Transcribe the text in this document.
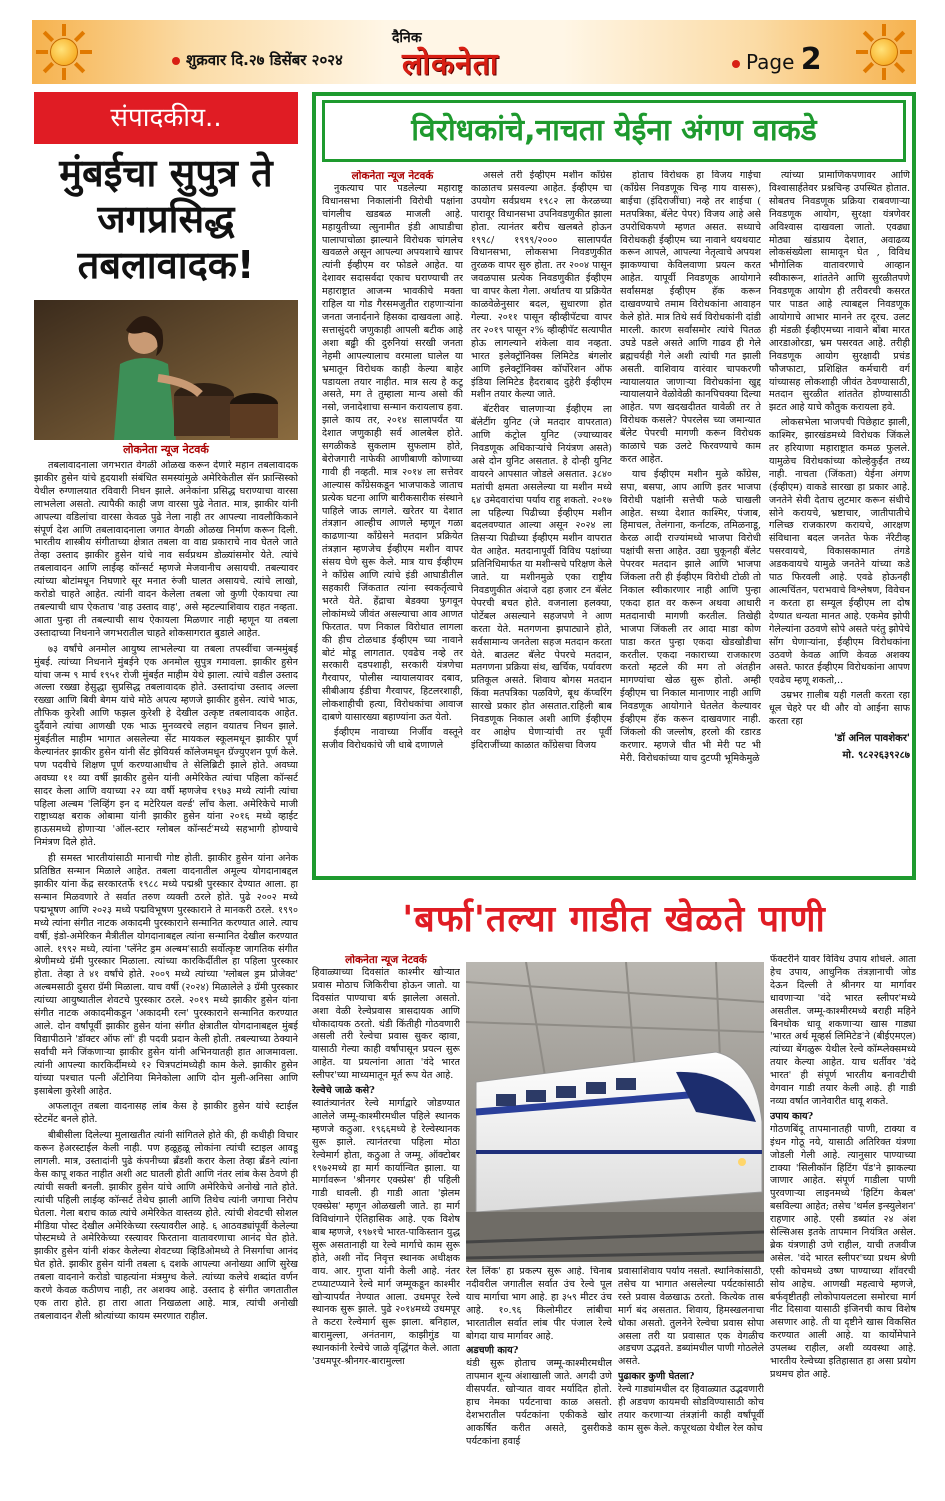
शुक्रवार दि.२७ डिसेंबर २०२४
दैनिक
लोकनेता	Page 2
संपादकीय..
मुंबईचा सुपुत्र ते जगप्रसिद्ध तबलावादक!
लोकनेता न्यूज नेटवर्क

तबलावादनाला जगभरात वेगळी ओळख करून देणारे महान तबलावादक झाकीर हुसेन यांचे हृदयाशी संबंधित समस्यांमुळे अमेरिकेतील सॅन फ्रान्सिस्को येथील रुग्णालयात रविवारी निधन झाले. अनेकांना प्रसिद्ध घराण्याचा वारसा लाभलेला असतो. त्यापैकी काही जण वारसा पुढे नेतात. मात्र, झाकीर यांनी आपल्या वडिलांचा वारसा केवळ पुढे नेला नाही तर आपल्या नावलौकिकाने संपूर्ण देश आणि तबलावादनाला जगात वेगळी ओळख निर्माण करून दिली. भारतीय शास्त्रीय संगीताच्या क्षेत्रात तबला वा वाद्य प्रकाराचे नाव घेतले जाते तेव्हा उस्ताद झाकीर हुसेन यांचे नाव सर्वप्रथम डोळ्यांसमोर येते. त्यांचे तबलावादन आणि लाईव्ह कॉन्सर्ट म्हणजे मेजवानीच असायची. तबल्यावर त्यांच्या बोटांमधून निघणारे सूर मनात रुंजी घालत असायचे. त्यांचे लाखो, करोडो चाहते आहेत. त्यांनी वादन केलेला तबला जो कुणी ऐकायचा त्या तबल्याची धाप ऐकताच 'वाह उस्ताद वाह', असे म्हटल्याशिवाय राहत नव्हता. आता पुन्हा ती तबल्याची साथ ऐकायला मिळणार नाही म्हणून या तबला उस्तादाच्या निधनाने जगभरातील चाहते शोकसागरात बुडाले आहेत.

७३ वर्षांचे अनमोल आयुष्य लाभलेल्या या तबला तपस्वींचा जन्ममुंबई मुंबई. त्यांच्या निधनाने मुंबईने एक अनमोल सुपुत्र गमावला. झाकीर हुसेन यांचा जन्म ९ मार्च १९५१ रोजी मुंबईत माहीम येथे झाला. त्यांचे वडील उस्ताद अल्ला रख्खा हेसुद्धा सुप्रसिद्ध तबलावादक होते. उस्तादांचा उस्ताद अल्ला रख्खा आणि बिवी बेगम यांचे मोठे अपत्य म्हणजे झाकीर हुसेन. त्यांचे भाऊ, तौफिक कुरेशी आणि फझल कुरेशी हे देखील उत्कृष्ट तबलावादक आहेत. दुर्दैवाने त्यांचा आणखी एक भाऊ मुनव्वरचे लहान वयातच निधन झाले. मुंबईतील माहीम भागात असलेल्या सेंट मायकल स्कूलमधून झाकीर पूर्ण केल्यानंतर झाकीर हुसेन यांनी सेंट झेवियर्स कॉलेजमधून ग्रॅज्युएशन पूर्ण केले. पण पदवीचे शिक्षण पूर्ण करण्याआधीच ते सेलिब्रिटी झाले होते. अवघ्या अवघ्या ११ व्या वर्षी झाकीर हुसेन यांनी अमेरिकेत त्यांचा पहिला कॉन्सर्ट सादर केला आणि वयाच्या २२ व्या वर्षी म्हणजेच १९७३ मध्ये त्यांनी त्यांचा पहिला अल्बम 'लिव्हिंग इन द मटेरियल वर्ल्ड' लॉंच केला. अमेरिकेचे माजी राष्ट्राध्यक्ष बराक ओबामा यांनी झाकीर हुसेन यांना २०१६ मध्ये व्हाईट हाऊसमध्ये होणाऱ्या 'ऑल-स्टार ग्लोबल कॉन्सर्ट'मध्ये सहभागी होण्याचे निमंत्रण दिले होते.

ही समस्त भारतीयांसाठी मानाची गोष्ट होती. झाकीर हुसेन यांना अनेक प्रतिष्ठित सन्मान मिळाले आहेत. तबला वादनातील अमूल्य योगदानाबद्दल झाकीर यांना केंद्र सरकारतर्फे १९८८ मध्ये पद्मश्री पुरस्कार देण्यात आला. हा सन्मान मिळवणारे ते सर्वात तरुण व्यक्ती ठरले होते. पुढे २००२ मध्ये पद्मभूषण आणि २०२३ मध्ये पद्मविभूषण पुरस्काराने ते मानकरी ठरले. १९९० मध्ये त्यांना संगीत नाटक अकादमी पुरस्काराने सन्मानित करण्यात आले. त्याच वर्षी, इंडो-अमेरिकन मैत्रीतील योगदानाबद्दल त्यांना सन्मानित देखील करण्यात आले. १९९२ मध्ये, त्यांना 'प्लॅनेट ड्रम अल्बम'साठी सर्वोत्कृष्ट जागतिक संगीत श्रेणीमध्ये ग्रॅमी पुरस्कार मिळाला. त्यांच्या कारकिर्दीतील हा पहिला पुरस्कार होता. तेव्हा ते ४१ वर्षांचे होते. २००९ मध्ये त्यांच्या 'ग्लोबल ड्रम प्रोजेक्ट' अल्बमसाठी दुसरा ग्रॅमी मिळाला. याच वर्षी (२०२४) मिळालेले ३ ग्रॅमी पुरस्कार त्यांच्या आयुष्यातील शेवटचे पुरस्कार ठरले. २०१९ मध्ये झाकीर हुसेन यांना संगीत नाटक अकादमीकडून 'अकादमी रत्न' पुरस्काराने सन्मानित करण्यात आले. दोन वर्षांपूर्वी झाकीर हुसेन यांना संगीत क्षेत्रातील योगदानाबद्दल मुंबई विद्यापीठाने 'डॉक्टर ऑफ लॉ' ही पदवी प्रदान केली होती. तबल्याच्या ठेक्याने सर्वांची मने जिंकणाऱ्या झाकीर हुसेन यांनी अभिनयातही हात आजमावला. त्यांनी आपल्या कारकिर्दीमध्ये १२ चित्रपटांमध्येही काम केले. झाकीर हुसेन यांच्या पश्चात पत्नी अँटोनिया मिनेकोला आणि दोन मुली-अनिसा आणि इसाबेला कुरेशी आहेत.

अफलातून तबला वादनासह लांब केस हे झाकीर हुसेन यांचे स्टाईल स्टेटमेंट बनले होते.

बीबीसीला दिलेल्या मुलाखतीत त्यांनी सांगितले होते की, ही कधीही विचार करून हेअरस्टाईल केली नाही. पण हळूहळू लोकांना त्यांची स्टाइल आवडू लागली. मात्र, उस्तादांनी पुढे कंपनीच्या ब्रॅंडशी करार केला तेव्हा ब्रॅंडने त्यांना केस कापू शकत नाहीत अशी अट घातली होती आणि नंतर लांब केस ठेवणे ही त्यांची सक्ती बनली. झाकीर हुसेन यांचे आणि अमेरिकेचे अनोखे नाते होते. त्यांची पहिली लाईव्ह कॉन्सर्ट तेथेच झाली आणि तिथेच त्यांनी जगाचा निरोप घेतला. गेला बराच काळ त्यांचे अमेरिकेत वास्तव्य होते. त्यांची शेवटची सोशल मीडिया पोस्ट देखील अमेरिकेच्या रस्त्यावरील आहे. ६ आठवड्यांपूर्वी केलेल्या पोस्टमध्ये ते अमेरिकेच्या रस्त्यावर फिरताना वातावरणाचा आनंद घेत होते. झाकीर हुसेन यांनी शंकर केलेल्या शेवटच्या व्हिडिओमध्ये ते निसर्गाचा आनंद घेत होते. झाकीर हुसेन यांनी तबला ६ दशके आपल्या अनोख्या आणि सुरेख तबला वादनाने करोडो चाहत्यांना मंत्रमुग्ध केले. त्यांच्या कलेचे शब्दांत वर्णन करणे केवळ कठीणच नाही, तर अशक्य आहे. उस्ताद हे संगीत जगतातील एक तारा होते. हा तारा आता निखळला आहे. मात्र, त्यांची अनोखी तबलावादन शैली श्रोत्यांच्या कायम स्मरणात राहील.

विरोधकांचे,नाचता येईना अंगण वाकडे
लोकनेता न्यूज नेटवर्क

नुकत्याच पार पडलेल्या महाराष्ट्र विधानसभा निकालांनी विरोधी पक्षांना चांगलीच खडबळ माजली आहे. महायुतीच्या त्सुनामीत इंडी आघाडीचा पालापाचोळा झाल्याने विरोधक चांगलेच खवळले असून आपल्या अपयशाचे खापर त्यांनी ईव्हीएम वर फोडले आहेत. या देशावर सदासर्वदा एकाच घराण्याची तर महाराष्ट्रात आजन्म भावकीचे मक्ता राहिल या गोड गैरसमजुतीत राहणाऱ्यांना जनता जनार्दनाने हिसका दाखवला आहे. सत्तासुंदरी जणुकाही आपली बटीक आहे अशा बढ्ढी की दुरुनियां सरखी जनता नेहमी आपल्यालाच वरमाला घालेल या भ्रमातून विरोधक काही केल्या बाहेर पडायला तयार नाहीत. मात्र सत्य हे कटू असते, मग ते तुम्हाला मान्य असो की नसो, जनादेशाचा सन्मान करायलाच हवा. झाले काय तर, २०१४ सालापर्यंत या देशात जणुकाही सर्व आलबेल होते. सगळीकडे सुकलाम सुफलाम होते, बेरोजगारी नाफेकी आणीबाणी कोणाच्या गावी ही नव्हती. मात्र २०१४ ला सत्तेवर आल्यास काँग्रेसकडून भाजपाकडे जाताच प्रत्येक घटना आणि बारीकसारीक संस्थाने पाहिले जाऊ लागले. खरेतर या देशात तंत्रज्ञान आल्हीच आणले म्हणून गळा काढणाऱ्या काँग्रेसने मतदान प्रक्रियेत तंत्रज्ञान म्हणजेच ईव्हीएम मशीन वापर संसय घेणे सुरू केले. मात्र याच ईव्हीएम ने काँग्रेस आणि त्यांचे इंडी आघाडीतील सहकारी जिंकतात त्यांना स्वकर्तृत्वाचे भरते येते. हेंद्राचा बेडक्या फुगवून लोकांमध्ये जीवंत असल्याचा आव आणत फिरतात. पण निकाल विरोधात लागला की हीच टोळधाड ईव्हीएम च्या नावाने बोटं मोडू लागतात. एवढेच नव्हे तर सरकारी दडपशाही, सरकारी यंत्रणेचा गैरवापर, पोलीस न्यायालयावर दबाव, सीबीआय ईडीचा गैरवापर, हिटलरशाही, लोकशाहीची हत्या, विरोधकांचा आवाज दाबणे यासारख्या बहाण्यांना ऊत येतो.

ईव्हीएम नावाच्या निर्जीव वस्तूने सजीव विरोधकांचे जी धाबे दणाणले

असले तरी ईव्हीएम मशीन काँग्रेस काळातच प्रसवल्या आहेत. ईव्हीएम चा उपयोग सर्वप्रथम १९८२ ला केरळच्या पारावूर विधानसभा उपनिवडणुकीत झाला होता. त्यानंतर बरीच खलबते होऊन १९९८/ १९९९/२००० सालापर्यंत विधानसभा, लोकसभा निवडणुकीत तुरळक वापर सुरु होता. तर २००४ पासून जवळपास प्रत्येक निवडणुकीत ईव्हीएम चा वापर केला गेला. अर्थातच या प्रक्रियेत काळवेळेनुसार बदल, सुधारणा होत गेल्या. २०११ पासून व्हीव्हीपॅटचा वापर तर २०१९ पासून २% व्हीव्हीपॅट सत्यापीत होऊ लागल्याने शंकेला वाव नव्हता. भारत इलेक्ट्रॉनिक्स लिमिटेड बंगलोर आणि इलेक्ट्रॉनिक्स कॉर्पोरेशन ऑफ इंडिया लिमिटेड हैदराबाद दुहेरी ईव्हीएम मशीन तयार केल्या जाते.

बॅटरीवर चालणाऱ्या ईव्हीएम ला बॅलेटींग युनिट (जे मतदार वापरतात) आणि कंट्रोल युनिट (ज्याच्यावर निवडणूक अधिकाऱ्यांचे नियंत्रण असते) असे दोन युनिट असतात. हे दोन्ही युनिट वायरने आपसात जोडले असतात. ३८४० मतांची क्षमता असलेल्या या मशीन मध्ये ६४ उमेदवारांचा पर्याय राहू शकतो. २०१७ ला पहिल्या पिढीच्या ईव्हीएम मशीन बदलवण्यात आल्या असून २०२४ ला तिसऱ्या पिढीच्या ईव्हीएम मशीन वापरात येत आहेत. मतदानापूर्वी विविध पक्षांच्या प्रतिनिधिमार्फत या मशीन्सचे परिक्षण केले जाते. या मशीनमुळे एका राष्ट्रीय निवडणुकीत अंदाजे दहा हजार टन बॅलेट पेपरची बचत होते. वजनाला हलक्या, पोर्टेबल असल्याने सहजपणे ने आण करता येते. मतगणना झपाट्याने होते, सर्वसामान्य जनतेला सहज मतदान करता येते. बाउलट बॅलेट पेपरचे मतदान, मतगणना प्रक्रिया संथ, खर्चिक, पर्यावरण प्रतिकूल असते. शिवाय बोगस मतदान किंवा मतपत्रिका पळविणे, बूथ कॅप्चरिंग सारखे प्रकार होत असतात.राहिली बाब निवडणूक निकाल अशी आणि ईव्हीएम वर आक्षेप घेणाऱ्यांची तर पूर्वी इंदिराजींच्या काळात काँग्रेसचा विजय

होताच विरोधक हा विजय गाईचा (काँग्रेस निवडणूक चिन्ह गाय वासरू), बाईचा (इंदिराजींचा) नव्हे तर शाईचा ( मतपत्रिका, बॅलेट पेपर) विजय आहे असे उपरोधिकपणे म्हणत असत. सध्याचे विरोधकही ईव्हीएम च्या नावाने थयथयाट करून आपले, आपल्या नेतृत्वाचे अपयश झाकण्याचा केविलवाणा प्रयत्न करत आहेत. यापूर्वी निवडणूक आयोगाने सर्वांसमक्ष ईव्हीएम हॅक करून दाखवण्याचे तमाम विरोधकांना आवाहन केले होते. मात्र तिथे सर्व विरोधकांनी दांडी मारली. कारण सर्वांसमोर त्यांचे पितळ उघडे पडले असते आणि गाढव ही गेले ब्रह्मचर्यही गेले अशी त्यांची गत झाली असती. वाशिवाय वारंवार चापकरणी न्यायालयात जाणाऱ्या विरोधकांना खुद्द न्यायालयाने वेळोवेळी कानपिचक्या दिल्या आहेत. पण खदखदीतत यावेळी तर ते विरोधक कसले? पेपरलेस च्या जमान्यात बॅलेट पेपरची मागणी करून विरोधक काळाचे चक्र उलटे फिरवण्याचे काम करत आहेत.

याच ईव्हीएम मशीन मुळे काँग्रेस, सपा, बसपा, आप आणि इतर भाजपा विरोधी पक्षांनी सत्तेची फळे चाखली आहेत. सध्या देशात काश्मिर, पंजाब, हिमाचल, तेलंगाना, कर्नाटक, तमिळनाडू, केरळ आदी राज्यांमध्ये भाजपा विरोधी पक्षांची सत्ता आहेत. उद्या चुकूनही बॅलेट पेपरवर मतदान झाले आणि भाजपा जिंकला तरी ही ईव्हीएम विरोधी टोळी तो निकाल स्वीकारणार नाही आणि पुन्हा एकदा हात वर करून अथवा आधारी मतदानाची मागणी करतील. तिखेही भाजपा जिंकली तर आदा माडा कोण पाडा करत पुन्हा एकदा खेडखोडीचा करतील. एकदा नकाराच्या राजकारण करतो म्हटले की मग तो अंतहीन मागण्यांचा खेळ सुरू होतो. अम्ही ईव्हीएम चा निकाल मानाणार नाही आणि निवडणूक आयोगाने घेतलेत केल्यावर ईव्हीएम हॅक करून दाखवणार नाही. जिंकलो की जल्लोष, हरलो की रडारड करणार. म्हणजे चीत भी मेरी पट भी मेरी. विरोधकांच्या याच दुटप्पी भूमिकेमुळे

त्यांच्या प्रामाणिकपणावर आणि विश्वासार्हतेवर प्रश्नचिन्ह उपस्थित होतात. सोबतच निवडणूक प्रक्रिया राबवणाऱ्या निवडणूक आयोग, सुरक्षा यंत्रणेवर अविश्वास दाखवला जातो. एवढ्या मोठ्या खंडप्राय देशात, अवाढव्य लोकसंख्येला सामावून घेत , विविध भौगोलिक वातावरणाचे आव्हान स्वीकारून, शांततेने आणि सुरळीतपणे निवडणूक आयोग ही तरीवरची कसरत पार पाडत आहे त्याबद्दल निवडणूक आयोगाचे आभार मानने तर दूरच. उलट ही मंडळी ईव्हीएमच्या नावाने बोंबा मारत आरडाओरडा, भ्रम पसरवत आहे. तरीही निवडणूक आयोग सुरक्षादी प्रचंड फौजफाटा, प्रशिक्षित कर्मचारी वर्ग यांच्यासह लोकशाही जीवंत ठेवण्यासाठी, मतदान सुरळीत शांततेत होण्यासाठी झटत आहे याचे कौतुक करायला हवे.

लोकसभेला भाजपची पिछेहाट झाली, काश्मिर, झारखंडमध्ये विरोधक जिंकले तर हरियाणा महाराष्ट्रात कमळ फुलले. यामुळेच विरोधकांच्या कोल्हेकुईंत तथ्य नाही. नाचता (जिंकता) येईना अंगण (ईव्हीएम) वाकडे सारखा हा प्रकार आहे. जनतेने सेवी देताच लुटमार करून संधीचे सोने करायचे, भ्रष्टाचार, जातीपातीचे गलिच्छ राजकारण करायचे, आरक्षण संविधाना बदल जनतेत फेक नॅरेटीव्ह पसरवायचे, विकासकामात तंगडे अडकवायचे यामुळे जनतेने यांच्या कडे पाठ फिरवली आहे. एवढे होऊनही आत्मचिंतन, पराभवाचे विश्लेषण, विवेचन न करता हा सम्यूल ईव्हीएम ला दोष देण्यात धन्यता मानत आहे. एकमेव झोपी गेलेल्यांना उठवणे सोपे असते परंतु झोपेचे सोंग घेणाऱ्यांना, ईव्हीएम विरोधकांना उठवणे केवळ आणि केवळ अशक्य असते. फारत ईव्हीएम विरोधकांना आपण एवढेच म्हणू शकतो,..

उम्रभर ग़ालीब यही गलती करता रहा धूल चेहरे पर थी और वो आईना साफ करता रहा

'डॉ अनिल पावशेकर'
मो. ९८२२६३९२८७
'बर्फा'तल्या गाडीत खेळते पाणी
लोकनेता न्यूज नेटवर्क

हिवाळ्याच्या दिवसांत काश्मीर खोऱ्यात प्रवास मोठाच जिकिरीचा होऊन जातो. या दिवसांत पाण्याचा बर्फ झालेला असतो. अशा वेळी रेल्वेप्रवास त्रासदायक आणि धोकादायक ठरतो. थंडी किंतीही गोठवणारी असली तरी रेल्वेचा प्रवास सुकर व्हावा, यासाठी गेल्या काही वर्षांपासून प्रयत्न सुरू आहेत. या प्रयत्नांना आता 'वंदे भारत स्लीपर'च्या माध्यमातून मूर्त रूप येत आहे.

रेल्वेचे जाळे कसे?

स्वातंत्र्यानंतर रेल्वे मार्गाद्वारे जोडण्यात आलेले जम्मू-काश्मीरमधील पहिले स्थानक म्हणजे कठुआ. १९६६मध्ये हे रेल्वेस्थानक सुरू झाले. त्यानंतरचा पहिला मोठा रेल्वेमार्ग होता, कठुआ ते जम्मू. ऑक्टोबर १९७२मध्ये हा मार्ग कार्यान्वित झाला. या मार्गावरून 'श्रीनगर एक्स्प्रेस' ही पहिली गाडी धावली. ही गाडी आता 'झेलम एक्स्प्रेस' म्हणून ओळखली जाते. हा मार्ग विविधांगाने ऐतिहासिक आहे. एक विशेष बाब म्हणजे, १९७१चे भारत-पाकिस्तान युद्ध सुरू असतानाही या रेल्वे मार्गाचे काम सुरू होते, अशी नोंद निवृत्त स्थानक अधीक्षक वाय. आर. गुप्ता यांनी केली आहे. नंतर टप्प्याटप्प्याने रेल्वे मार्ग जम्मूकडून काश्मीर खोऱ्यापर्यंत नेण्यात आला. उधमपूर रेल्वे स्थानक सुरू झाले. पुढे २०१४मध्ये उधमपूर ते कटरा रेल्वेमार्ग सुरू झाला. बनिहाल, बारामुल्ला, अनंतनाग, काझीगुंड या स्थानकांनी रेल्वेचे जाळे वृद्धिंगत केले. आता 'उधमपूर-श्रीनगर-बारामुल्ला

रेल लिंक' हा प्रकल्प सुरू आहे. चिनाब नदीवरील जगातील सर्वात उंच रेल्वे पूल याच मार्गाचा भाग आहे. हा ३५९ मीटर उंच आहे. १०.९६ किलोमीटर लांबीचा भारतातील सर्वात लांब पीर पंजाल रेल्वे बोगदा याच मार्गावर आहे.

अडचणी काय?

थंडी सुरू होताच जम्मू-काश्मीरमधील तापमान शून्य अंशाखाली जाते. अगदी उणे वीसपर्यंत. खोऱ्यात वावर मर्यादित होतो. हाच नेमका पर्यटनाचा काळ असतो. देशभरातील पर्यटकांना एकीकडे खोर आकर्षित करीत असते, दुसरीकडे पर्यटकांना हवाई

प्रवासाशिवाय पर्याय नसतो. स्थानिकांसाठी, तसेच या भागात असलेल्या पर्यटकांसाठी रस्ते प्रवास वेळखाऊ ठरतो. कित्येक तास मार्ग बंद असतात. शिवाय, हिमस्खलनाचा धोका असतो. तुलनेने रेल्वेचा प्रवास सोपा असला तरी या प्रवासात एक वेगळीच अडचण उद्भवते. डब्यांमधील पाणी गोठलेले असते.

पुढाकार कुणी घेतला?

रेल्वे गाड्यांमधील दर हिवाळ्यात उद्भवणारी ही अडचण कायमची सोडविण्यासाठी कोच तयार करणाऱ्या तंत्रज्ञांनी काही वर्षांपूर्वी काम सुरू केले. कपूरथळा येथील रेल कोच

फॅक्टरीने यावर विविध उपाय शोधले. आता हेच उपाय, आधुनिक तंत्रज्ञानाची जोड देऊन दिल्ली ते श्रीनगर या मार्गावर धावणाऱ्या 'वंदे भारत स्लीपर'मध्ये असतील. जम्मू-काश्मीरमध्ये बराही महिने बिनधोक धावू शकणाऱ्या खास गाड्या 'भारत अर्थ मूव्हर्स लिमिटेड'ने (बीईएमएल) त्यांच्या बेंगळुरू येथील रेल्वे कॉम्प्लेक्समध्ये तयार केल्या आहेत. याच धर्तीवर 'वंदे भारत' ही संपूर्ण भारतीय बनावटीची वेगवान गाडी तयार केली आहे. ही गाडी नव्या वर्षात जानेवारीत धावू शकते.

उपाय काय?

गोठणबिंदू तापमानातही पाणी, टाक्या व इंधन गोठू नये, यासाठी अतिरिक्त यंत्रणा जोडली गेली आहे. त्यानुसार पाण्याच्या टाक्या 'सिलीकॉन हिटिंग पॅड'ने झाकल्या जाणार आहेत. संपूर्ण गाडीला पाणी पुरवणाऱ्या लाइनमध्ये 'हिटिंग केबल' बसविल्या आहेत; तसेच 'थर्मल इन्स्युलेशन' राहणार आहे. एसी डब्यांत २४ अंश सेल्सिअस इतके तापमान नियंत्रित असेल. ब्रेक यंत्रणाही उणे राहील, याची तजवीज असेल. 'वंदे भारत स्लीपर'च्या प्रथम श्रेणी एसी कोचमध्ये उष्ण पाण्याच्या शॉवरची सोय आहेच. आणखी महत्वाचे म्हणजे, बर्फवृष्टीतही लोकोपायलटला समोरचा मार्ग नीट दिसावा यासाठी इंजिनची काच विशेष असणार आहे. ती या दृष्टीने खास विकसित करण्यात आली आहे. या कार्योमेपाने उपलब्ध राहील, अशी व्यवस्था आहे. भारतीय रेल्वेच्या इतिहासात हा असा प्रयोग प्रथमच होत आहे.
